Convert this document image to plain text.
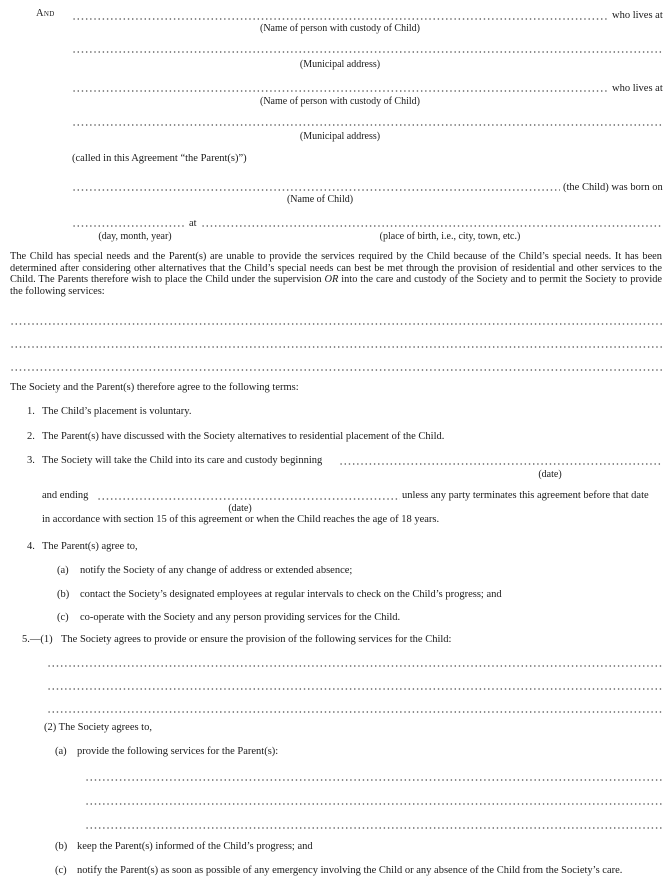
And	who lives at
(Name of person with custody of Child)
(Municipal address)
who lives at
(Name of person with custody of Child)
(Municipal address)
(called in this Agreement “the Parent(s)”)
(the Child) was born on
(Name of Child)
at
(day, month, year)	(place of birth, i.e., city, town, etc.)
The Child has special needs and the Parent(s) are unable to provide the services required by the Child because of the Child’s special needs. It has been determined after considering other alternatives that the Child’s special needs can best be met through the provision of residential and other services to the Child. The Parents therefore wish to place the Child under the supervision OR into the care and custody of the Society and to permit the Society to provide the following services:
The Society and the Parent(s) therefore agree to the following terms:
1. The Child’s placement is voluntary.
2. The Parent(s) have discussed with the Society alternatives to residential placement of the Child.
3. The Society will take the Child into its care and custody beginning
(date)
and ending	unless any party terminates this agreement before that date
(date)
in accordance with section 15 of this agreement or when the Child reaches the age of 18 years.
4. The Parent(s) agree to,
(a) notify the Society of any change of address or extended absence;
(b) contact the Society’s designated employees at regular intervals to check on the Child’s progress; and
(c) co-operate with the Society and any person providing services for the Child.
5.—(1) The Society agrees to provide or ensure the provision of the following services for the Child:
(2) The Society agrees to,
(a) provide the following services for the Parent(s):
(b) keep the Parent(s) informed of the Child’s progress; and
(c) notify the Parent(s) as soon as possible of any emergency involving the Child or any absence of the Child from the Society’s care.
